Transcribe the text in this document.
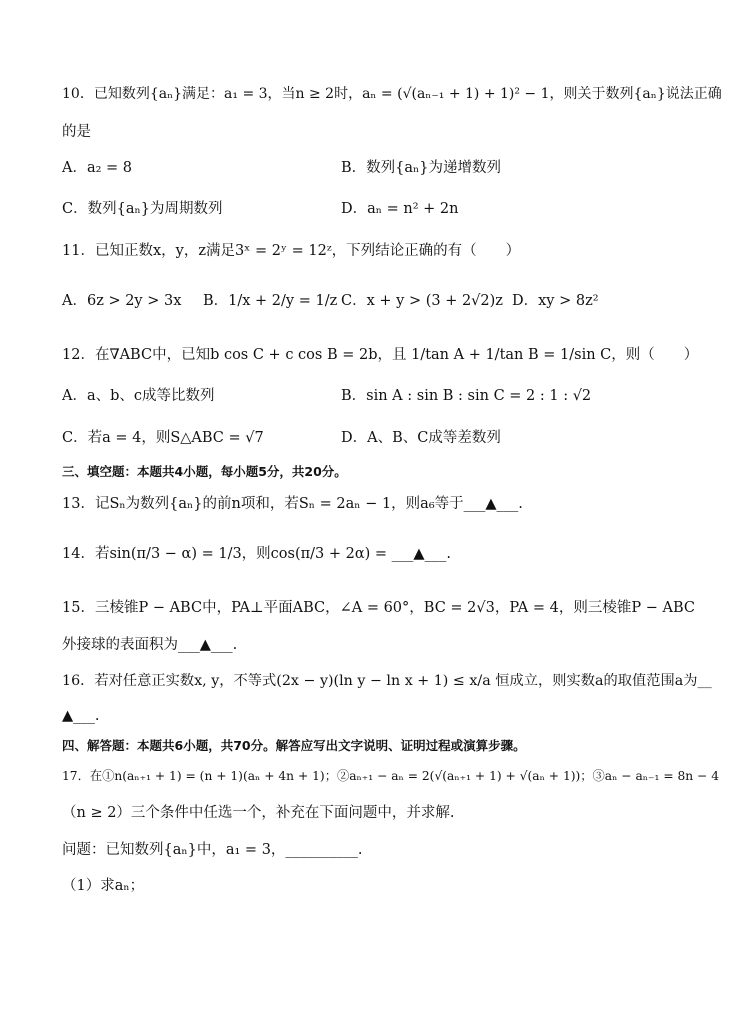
10．已知数列{aₙ}满足：a₁ = 3，当n ≥ 2时，aₙ = (√(aₙ₋₁ + 1) + 1)² − 1，则关于数列{aₙ}说法正确
的是
A．a₂ = 8	B．数列{aₙ}为递增数列
C．数列{aₙ}为周期数列	D．aₙ = n² + 2n
11．已知正数x，y，z满足3ˣ = 2ʸ = 12ᶻ，下列结论正确的有（　　）
A．6z > 2y > 3x B．1/x + 2/y = 1/z C．x + y > (3 + 2√2)z D．xy > 8z²
12．在∇ABC中，已知b cos C + c cos B = 2b，且 1/tan A + 1/tan B = 1/sin C，则（　　）
A．a、b、c成等比数列	B．sin A : sin B : sin C = 2 : 1 : √2
C．若a = 4，则S△ABC = √7	D．A、B、C成等差数列
三、填空题：本题共4小题，每小题5分，共20分。
13．记Sₙ为数列{aₙ}的前n项和，若Sₙ = 2aₙ − 1，则a₆等于___▲___.
14．若sin(π/3 − α) = 1/3，则cos(π/3 + 2α) = ___▲___.
15．三棱锥P − ABC中，PA⊥平面ABC，∠A = 60°，BC = 2√3，PA = 4，则三棱锥P − ABC
外接球的表面积为___▲___.
16．若对任意正实数x, y，不等式(2x − y)(ln y − ln x + 1) ≤ x/a 恒成立，则实数a的取值范围a为__
▲___.
四、解答题：本题共6小题，共70分。解答应写出文字说明、证明过程或演算步骤。
17．在①n(aₙ₊₁ + 1) = (n + 1)(aₙ + 4n + 1)；②aₙ₊₁ − aₙ = 2(√(aₙ₊₁ + 1) + √(aₙ + 1))；③aₙ − aₙ₋₁ = 8n − 4
（n ≥ 2）三个条件中任选一个，补充在下面问题中，并求解.
问题：已知数列{aₙ}中，a₁ = 3，__________.
（1）求aₙ；
